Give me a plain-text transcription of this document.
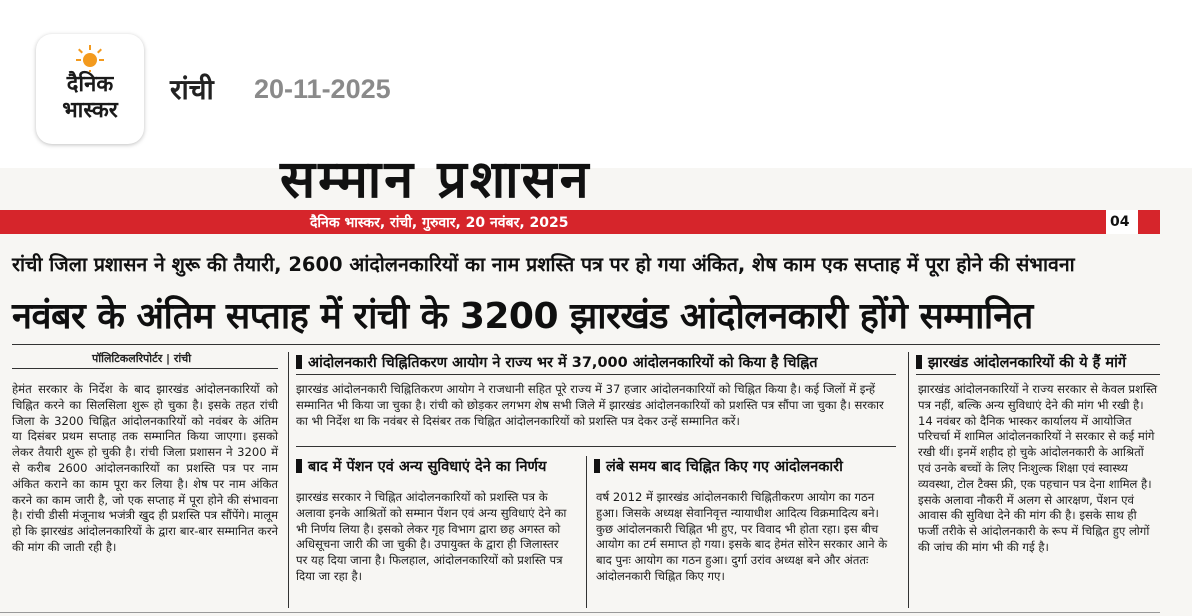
दैनिक
भास्कर
रांची 20-11-2025
सम्मान प्रशासन
दैनिक भास्कर, रांची, गुरुवार, 20 नवंबर, 2025	04
रांची जिला प्रशासन ने शुरू की तैयारी, 2600 आंदोलनकारियों का नाम प्रशस्ति पत्र पर हो गया अंकित, शेष काम एक सप्ताह में पूरा होने की संभावना
नवंबर के अंतिम सप्ताह में रांची के 3200 झारखंड आंदोलनकारी होंगे सम्मानित
पॉलिटिकलरिपोर्टर | रांची
हेमंत सरकार के निर्देश के बाद झारखंड आंदोलनकारियों को चिह्नित करने का सिलसिला शुरू हो चुका है। इसके तहत रांची जिला के 3200 चिह्नित आंदोलनकारियों को नवंबर के अंतिम या दिसंबर प्रथम सप्ताह तक सम्मानित किया जाएगा। इसको लेकर तैयारी शुरू हो चुकी है। रांची जिला प्रशासन ने 3200 में से करीब 2600 आंदोलनकारियों का प्रशस्ति पत्र पर नाम अंकित कराने का काम पूरा कर लिया है। शेष पर नाम अंकित करने का काम जारी है, जो एक सप्ताह में पूरा होने की संभावना है। रांची डीसी मंजूनाथ भजंत्री खुद ही प्रशस्ति पत्र सौंपेंगे। मालूम हो कि झारखंड आंदोलनकारियों के द्वारा बार-बार सम्मानित करने की मांग की जाती रही है।
आंदोलनकारी चिह्नितिकरण आयोग ने राज्य भर में 37,000 आंदोलनकारियों को किया है चिह्नित
झारखंड आंदोलनकारी चिह्नितिकरण आयोग ने राजधानी सहित पूरे राज्य में 37 हजार आंदोलनकारियों को चिह्नित किया है। कई जिलों में इन्हें सम्मानित भी किया जा चुका है। रांची को छोड़कर लगभग शेष सभी जिले में झारखंड आंदोलनकारियों को प्रशस्ति पत्र सौंपा जा चुका है। सरकार का भी निर्देश था कि नवंबर से दिसंबर तक चिह्नित आंदोलनकारियों को प्रशस्ति पत्र देकर उन्हें सम्मानित करें।
बाद में पेंशन एवं अन्य सुविधाएं देने का निर्णय
झारखंड सरकार ने चिह्नित आंदोलनकारियों को प्रशस्ति पत्र के अलावा इनके आश्रितों को सम्मान पेंशन एवं अन्य सुविधाएं देने का भी निर्णय लिया है। इसको लेकर गृह विभाग द्वारा छह अगस्त को अधिसूचना जारी की जा चुकी है। उपायुक्त के द्वारा ही जिलास्तर पर यह दिया जाना है। फिलहाल, आंदोलनकारियों को प्रशस्ति पत्र दिया जा रहा है।
लंबे समय बाद चिह्नित किए गए आंदोलनकारी
वर्ष 2012 में झारखंड आंदोलनकारी चिह्नितीकरण आयोग का गठन हुआ। जिसके अध्यक्ष सेवानिवृत्त न्यायाधीश आदित्य विक्रमादित्य बने। कुछ आंदोलनकारी चिह्नित भी हुए, पर विवाद भी होता रहा। इस बीच आयोग का टर्म समाप्त हो गया। इसके बाद हेमंत सोरेन सरकार आने के बाद पुनः आयोग का गठन हुआ। दुर्गा उरांव अध्यक्ष बने और अंततः आंदोलनकारी चिह्नित किए गए।
झारखंड आंदोलनकारियों की ये हैं मांगें
झारखंड आंदोलनकारियों ने राज्य सरकार से केवल प्रशस्ति पत्र नहीं, बल्कि अन्य सुविधाएं देने की मांग भी रखी है। 14 नवंबर को दैनिक भास्कर कार्यालय में आयोजित परिचर्चा में शामिल आंदोलनकारियों ने सरकार से कई मांगे रखी थीं। इनमें शहीद हो चुके आंदोलनकारी के आश्रितों एवं उनके बच्चों के लिए निःशुल्क शिक्षा एवं स्वास्थ्य व्यवस्था, टोल टैक्स फ्री, एक पहचान पत्र देना शामिल है। इसके अलावा नौकरी में अलग से आरक्षण, पेंशन एवं आवास की सुविधा देने की मांग की है। इसके साथ ही फर्जी तरीके से आंदोलनकारी के रूप में चिह्नित हुए लोगों की जांच की मांग भी की गई है।
